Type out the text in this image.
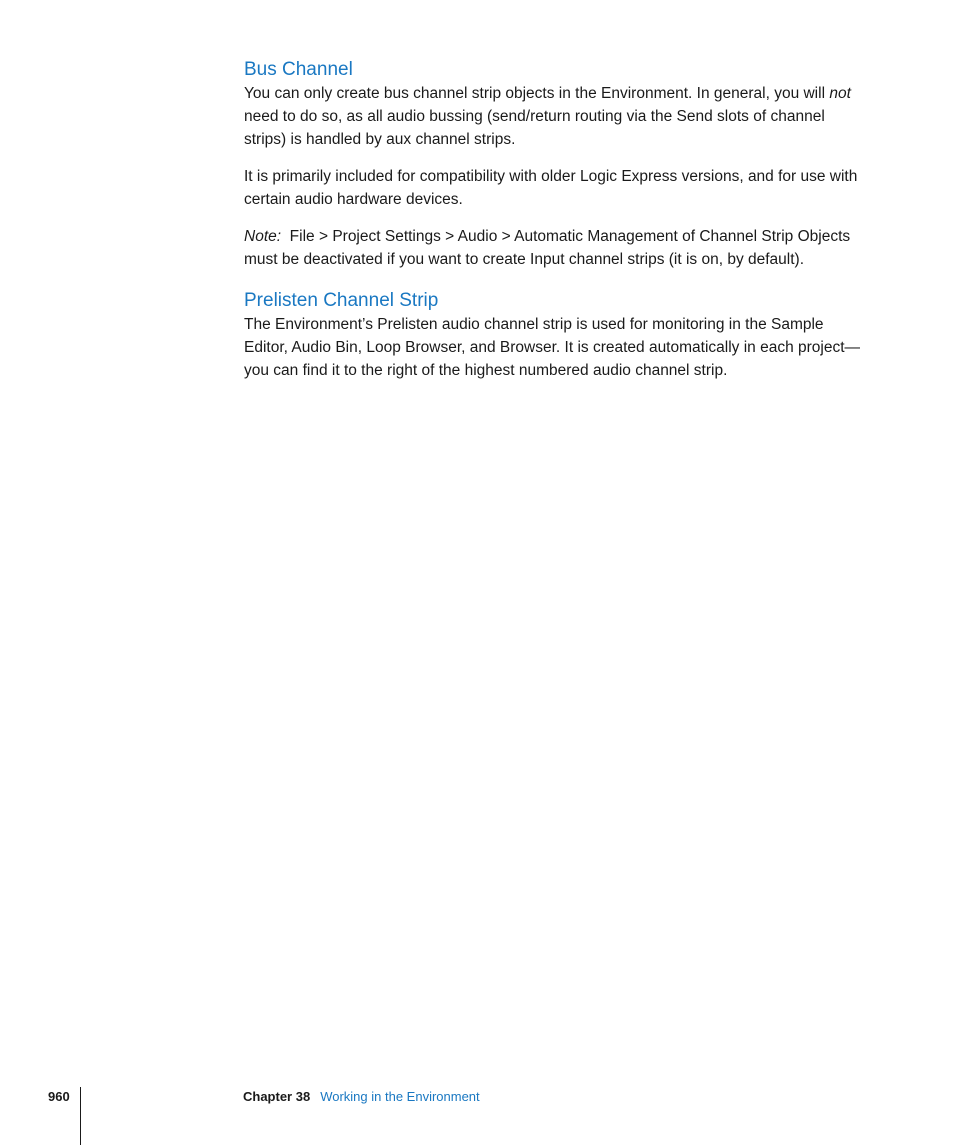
Bus Channel

You can only create bus channel strip objects in the Environment. In general, you will not need to do so, as all audio bussing (send/return routing via the Send slots of channel strips) is handled by aux channel strips.

It is primarily included for compatibility with older Logic Express versions, and for use with certain audio hardware devices.

Note:  File > Project Settings > Audio > Automatic Management of Channel Strip Objects must be deactivated if you want to create Input channel strips (it is on, by default).

Prelisten Channel Strip

The Environment’s Prelisten audio channel strip is used for monitoring in the Sample Editor, Audio Bin, Loop Browser, and Browser. It is created automatically in each project—you can find it to the right of the highest numbered audio channel strip.

960	Chapter 38 Working in the Environment
